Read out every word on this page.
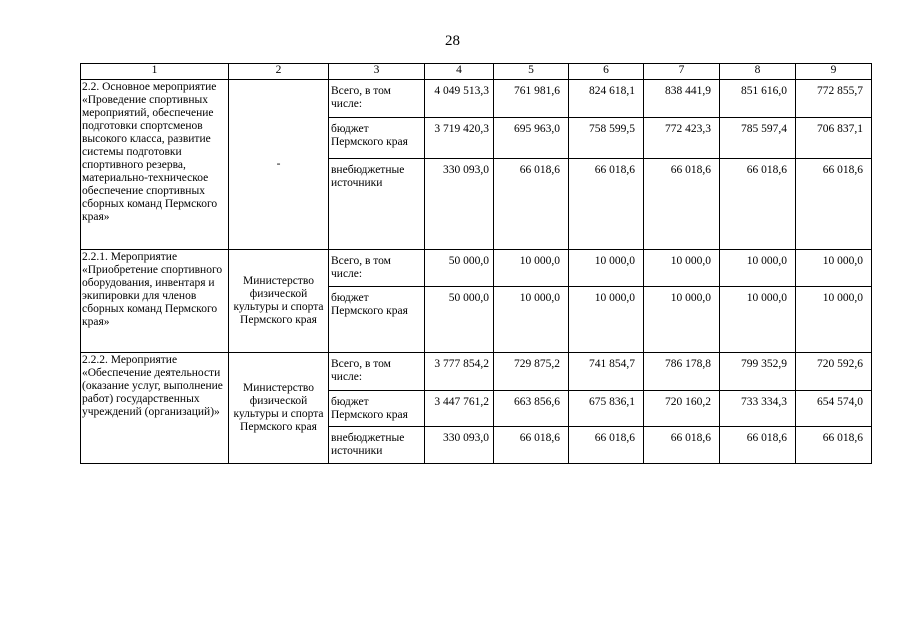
28
1	2	3	4	5	6	7	8	9
2.2. Основное мероприятие «Проведение спортивных мероприятий, обеспечение подготовки спортсменов высокого класса, развитие системы подготовки спортивного резерва, материально-техническое обеспечение спортивных сборных команд Пермского края»	-	Всего, в том числе:	4 049 513,3	761 981,6	824 618,1	838 441,9	851 616,0	772 855,7
		бюджет Пермского края	3 719 420,3	695 963,0	758 599,5	772 423,3	785 597,4	706 837,1
		внебюджетные источники	330 093,0	66 018,6	66 018,6	66 018,6	66 018,6	66 018,6
2.2.1. Мероприятие «Приобретение спортивного оборудования, инвентаря и экипировки для членов сборных команд Пермского края»	Министерство физической культуры и спорта Пермского края	Всего, в том числе:	50 000,0	10 000,0	10 000,0	10 000,0	10 000,0	10 000,0
		бюджет Пермского края	50 000,0	10 000,0	10 000,0	10 000,0	10 000,0	10 000,0
2.2.2. Мероприятие «Обеспечение деятельности (оказание услуг, выполнение работ) государственных учреждений (организаций)»	Министерство физической культуры и спорта Пермского края	Всего, в том числе:	3 777 854,2	729 875,2	741 854,7	786 178,8	799 352,9	720 592,6
		бюджет Пермского края	3 447 761,2	663 856,6	675 836,1	720 160,2	733 334,3	654 574,0
		внебюджетные источники	330 093,0	66 018,6	66 018,6	66 018,6	66 018,6	66 018,6
